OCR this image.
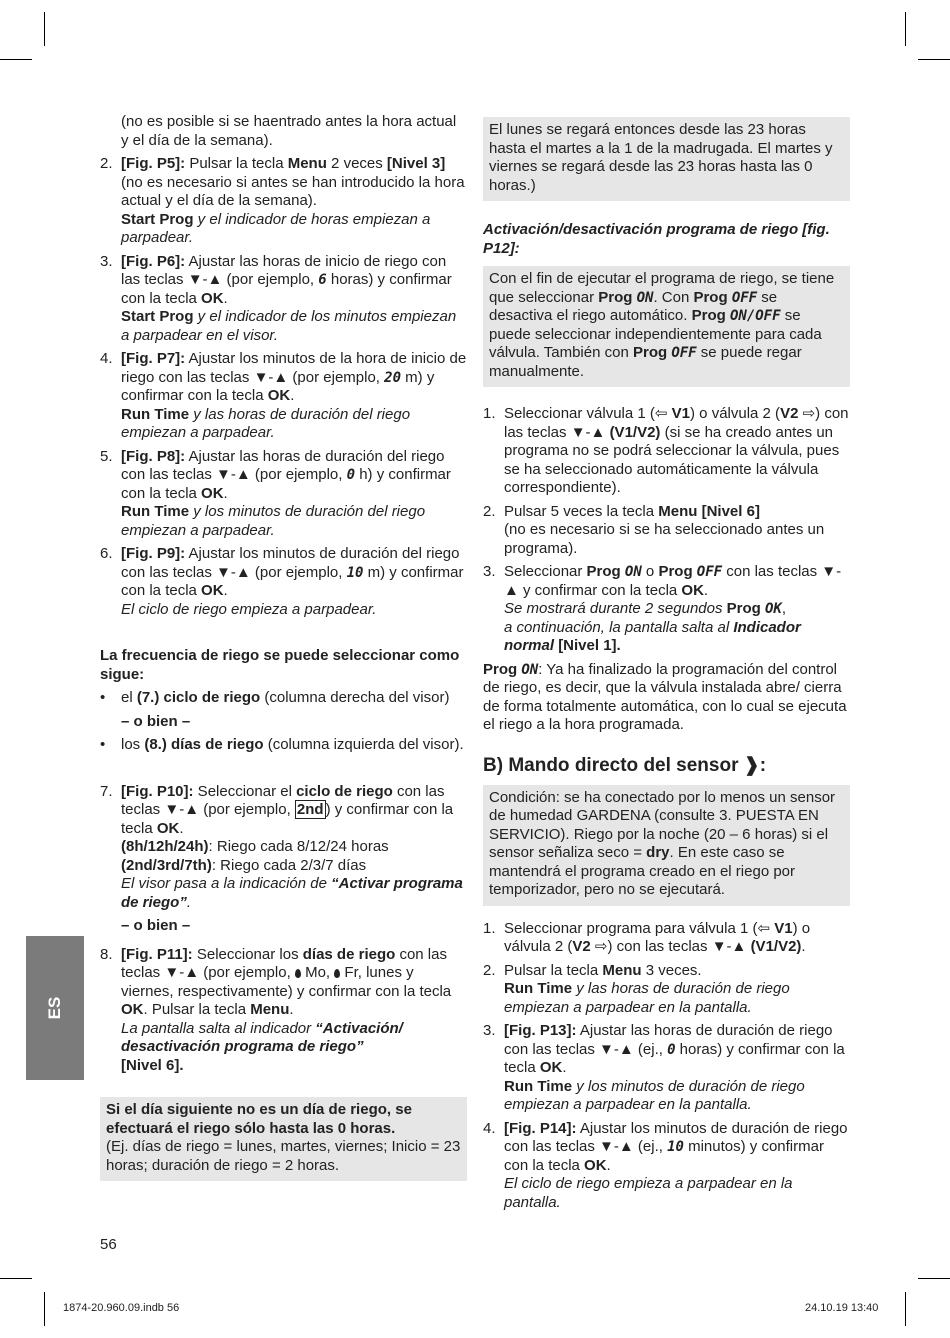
(no es posible si se haentrado antes la hora actual y el día de la semana).

2. [Fig. P5]: Pulsar la tecla Menu 2 veces [Nivel 3] (no es necesario si antes se han introducido la hora actual y el día de la semana).
Start Prog y el indicador de horas empiezan a parpadear.
3. [Fig. P6]: Ajustar las horas de inicio de riego con las teclas ▼-▲ (por ejemplo, 6 horas) y confirmar con la tecla OK.
Start Prog y el indicador de los minutos empiezan a parpadear en el visor.
4. [Fig. P7]: Ajustar los minutos de la hora de inicio de riego con las teclas ▼-▲ (por ejemplo, 20 m) y confirmar con la tecla OK.
Run Time y las horas de duración del riego empiezan a parpadear.
5. [Fig. P8]: Ajustar las horas de duración del riego con las teclas ▼-▲ (por ejemplo, 0 h) y confirmar con la tecla OK.
Run Time y los minutos de duración del riego empiezan a parpadear.
6. [Fig. P9]: Ajustar los minutos de duración del riego con las teclas ▼-▲ (por ejemplo, 10 m) y confirmar con la tecla OK.
El ciclo de riego empieza a parpadear.

La frecuencia de riego se puede seleccionar como sigue:

• el (7.) ciclo de riego (columna derecha del visor)

– o bien –

• los (8.) días de riego (columna izquierda del visor).
7. [Fig. P10]: Seleccionar el ciclo de riego con las teclas ▼-▲ (por ejemplo, 2nd ) y confirmar con la tecla OK.
(8h/12h/24h): Riego cada 8/12/24 horas
(2nd/3rd/7th): Riego cada 2/3/7 días
El visor pasa a la indicación de “Activar programa de riego”.

– o bien –

8. [Fig. P11]: Seleccionar los días de riego con las teclas ▼-▲ (por ejemplo,  Mo,  Fr, lunes y viernes, respectivamente) y confirmar con la tecla OK. Pulsar la tecla Menu.
La pantalla salta al indicador “Activación/ desactivación programa de riego”
[Nivel 6].

Si el día siguiente no es un día de riego, se efectuará el riego sólo hasta las 0 horas.

(Ej. días de riego = lunes, martes, viernes; Inicio = 23 horas; duración de riego = 2 horas.

El lunes se regará entonces desde las 23 horas hasta el martes a la 1 de la madrugada. El martes y viernes se regará desde las 23 horas hasta las 0 horas.)

Activación/desactivación programa de riego [fig. P12]:

Con el fin de ejecutar el programa de riego, se tiene que seleccionar Prog ON. Con Prog OFF se desactiva el riego automático. Prog ON/OFF se puede seleccionar independientemente para cada válvula. También con Prog OFF se puede regar manualmente.

1. Seleccionar válvula 1 (⇦ V1) o válvula 2 (V2 ⇨) con las teclas ▼-▲ (V1/V2) (si se ha creado antes un programa no se podrá seleccionar la válvula, pues se ha seleccionado automáticamente la válvula correspondiente).
2. Pulsar 5 veces la tecla Menu [Nivel 6]
(no es necesario si se ha seleccionado antes un programa).
3. Seleccionar Prog ON o Prog OFF con las teclas ▼-▲ y confirmar con la tecla OK.
Se mostrará durante 2 segundos Prog OK,
a continuación, la pantalla salta al Indicador normal [Nivel 1].

Prog ON: Ya ha finalizado la programación del control de riego, es decir, que la válvula instalada abre/ cierra de forma totalmente automática, con lo cual se ejecuta el riego a la hora programada.

B) Mando directo del sensor ❱:

Condición: se ha conectado por lo menos un sensor de humedad GARDENA (consulte 3. PUESTA EN SERVICIO). Riego por la noche (20 – 6 horas) si el sensor señaliza seco = dry. En este caso se mantendrá el programa creado en el riego por temporizador, pero no se ejecutará.

1. Seleccionar programa para válvula 1 (⇦ V1) o válvula 2 (V2 ⇨) con las teclas ▼-▲ (V1/V2).
2. Pulsar la tecla Menu 3 veces.
Run Time y las horas de duración de riego empiezan a parpadear en la pantalla.
3. [Fig. P13]: Ajustar las horas de duración de riego con las teclas ▼-▲ (ej., 0 horas) y confirmar con la tecla OK.
Run Time y los minutos de duración de riego empiezan a parpadear en la pantalla.
4. [Fig. P14]: Ajustar los minutos de duración de riego con las teclas ▼-▲ (ej., 10 minutos) y confirmar con la tecla OK.
El ciclo de riego empieza a parpadear en la pantalla.
ES
56
1874-20.960.09.indb 56	24.10.19 13:40
